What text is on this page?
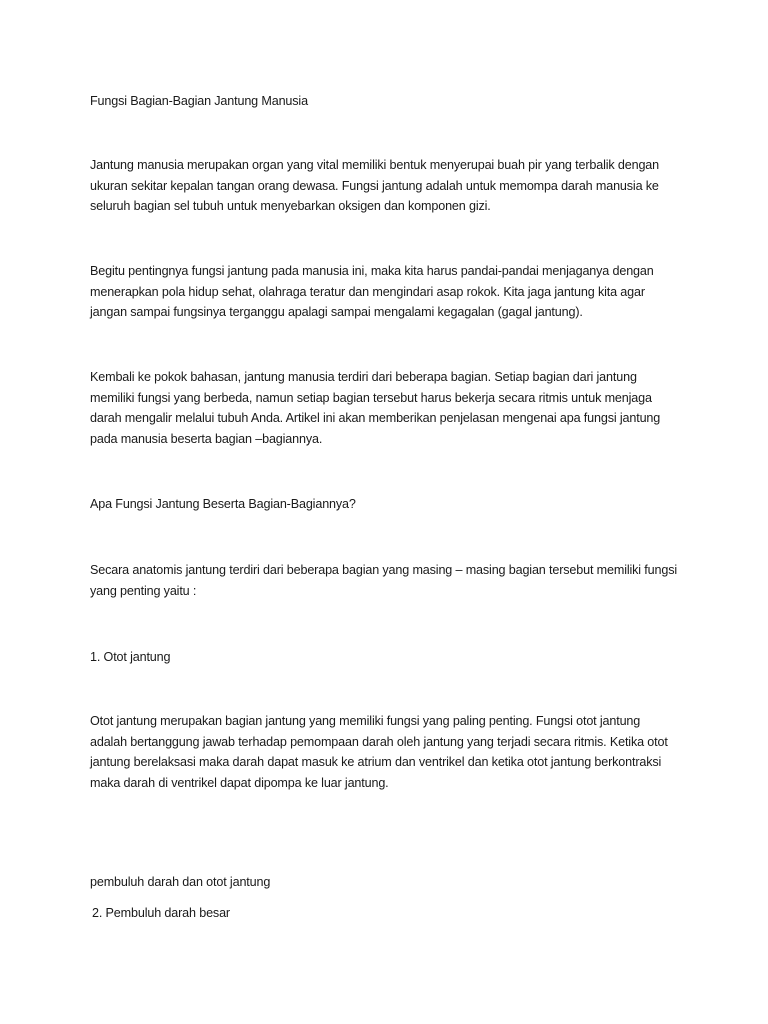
Fungsi Bagian-Bagian Jantung Manusia

Jantung manusia merupakan organ yang vital memiliki bentuk menyerupai buah pir yang terbalik dengan ukuran sekitar kepalan tangan orang dewasa. Fungsi jantung adalah untuk memompa darah manusia ke seluruh bagian sel tubuh untuk menyebarkan oksigen dan komponen gizi.

Begitu pentingnya fungsi jantung pada manusia ini, maka kita harus pandai-pandai menjaganya dengan menerapkan pola hidup sehat, olahraga teratur dan mengindari asap rokok. Kita jaga jantung kita agar jangan sampai fungsinya terganggu apalagi sampai mengalami kegagalan (gagal jantung).

Kembali ke pokok bahasan, jantung manusia terdiri dari beberapa bagian. Setiap bagian dari jantung memiliki fungsi yang berbeda, namun setiap bagian tersebut harus bekerja secara ritmis untuk menjaga darah mengalir melalui tubuh Anda. Artikel ini akan memberikan penjelasan mengenai apa fungsi jantung pada manusia beserta bagian –bagiannya.

Apa Fungsi Jantung Beserta Bagian-Bagiannya?

Secara anatomis jantung terdiri dari beberapa bagian yang masing – masing bagian tersebut memiliki fungsi yang penting yaitu :

1. Otot jantung

Otot jantung merupakan bagian jantung yang memiliki fungsi yang paling penting. Fungsi otot jantung adalah bertanggung jawab terhadap pemompaan darah oleh jantung yang terjadi secara ritmis. Ketika otot jantung berelaksasi maka darah dapat masuk ke atrium dan ventrikel dan ketika otot jantung berkontraksi maka darah di ventrikel dapat dipompa ke luar jantung.

pembuluh darah dan otot jantung

2. Pembuluh darah besar
